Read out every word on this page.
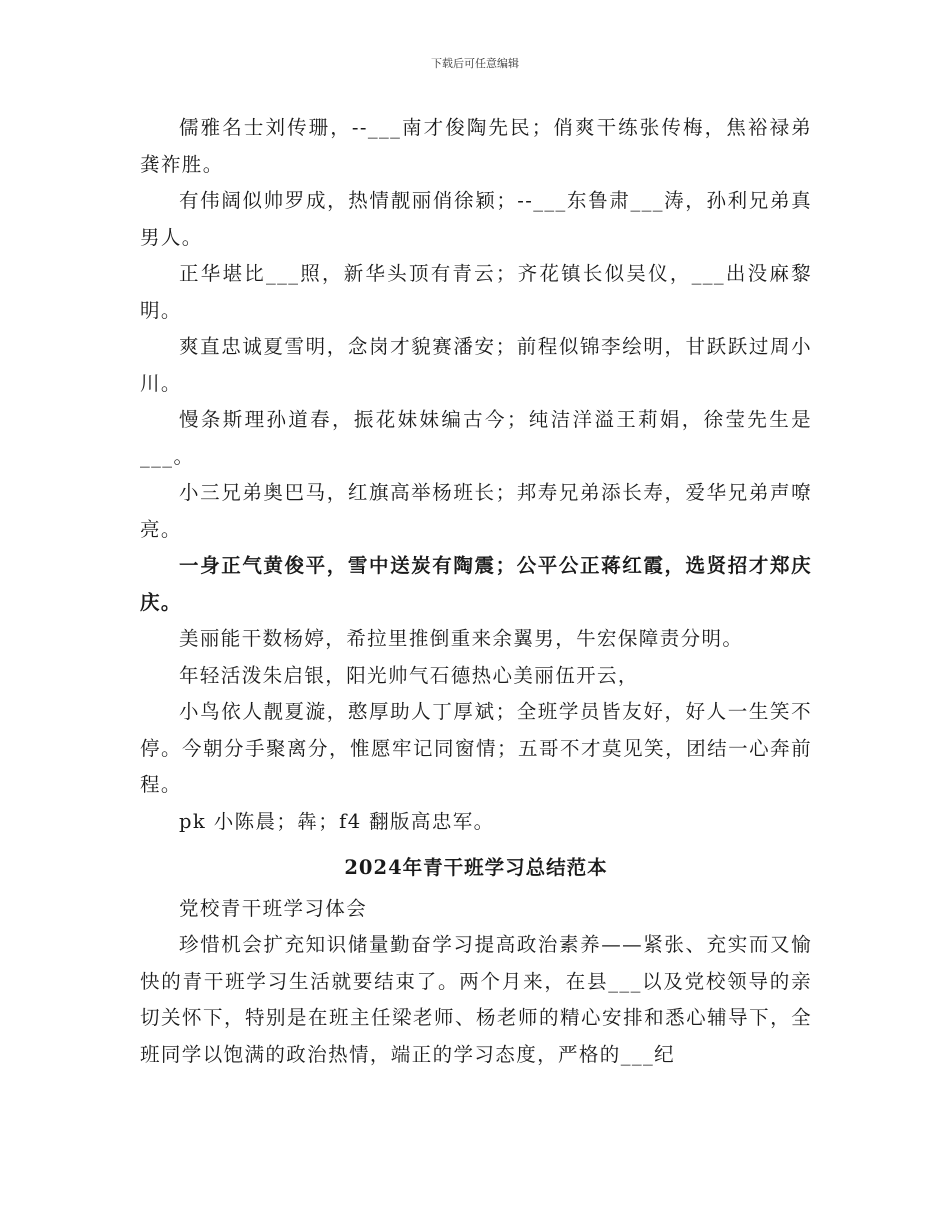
下载后可任意编辑

儒雅名士刘传珊，--___南才俊陶先民；俏爽干练张传梅，焦裕禄弟龚祚胜。

有伟阔似帅罗成，热情靓丽俏徐颖；--___东鲁肃___涛，孙利兄弟真男人。

正华堪比___照，新华头顶有青云；齐花镇长似吴仪，___出没麻黎明。

爽直忠诚夏雪明，念岗才貌赛潘安；前程似锦李绘明，甘跃跃过周小川。

慢条斯理孙道春，振花妹妹编古今；纯洁洋溢王莉娟，徐莹先生是___。

小三兄弟奥巴马，红旗高举杨班长；邦寿兄弟添长寿，爱华兄弟声嘹亮。

一身正气黄俊平，雪中送炭有陶震；公平公正蒋红霞，选贤招才郑庆庆。

美丽能干数杨婷，希拉里推倒重来余翼男，牛宏保障责分明。

年轻活泼朱启银，阳光帅气石德热心美丽伍开云，

小鸟依人靓夏漩，憨厚助人丁厚斌；全班学员皆友好，好人一生笑不停。今朝分手聚离分，惟愿牢记同窗情；五哥不才莫见笑，团结一心奔前程。

pk 小陈晨；犇；f4 翻版高忠军。

2024年青干班学习总结范本

党校青干班学习体会

珍惜机会扩充知识储量勤奋学习提高政治素养——紧张、充实而又愉快的青干班学习生活就要结束了。两个月来，在县___以及党校领导的亲切关怀下，特别是在班主任梁老师、杨老师的精心安排和悉心辅导下，全班同学以饱满的政治热情，端正的学习态度，严格的___纪
